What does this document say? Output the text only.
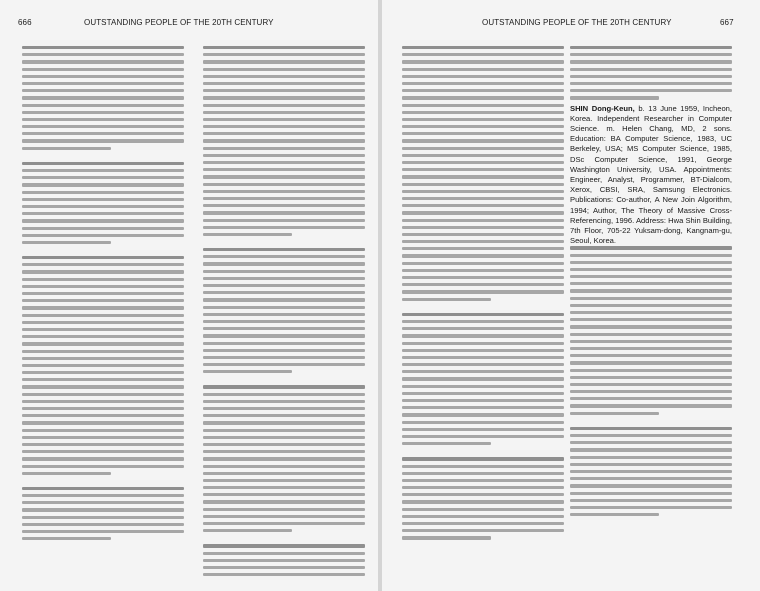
666	OUTSTANDING PEOPLE OF THE 20TH CENTURY	OUTSTANDING PEOPLE OF THE 20TH CENTURY	667

SHIN Dong-Keun, b. 13 June 1959, Incheon, Korea. Independent Researcher in Computer Science. m. Helen Chang, MD, 2 sons. Education: BA Computer Science, 1983, UC Berkeley, USA; MS Computer Science, 1985, DSc Computer Science, 1991, George Washington University, USA. Appointments: Engineer, Analyst, Programmer, BT-Dialcom, Xerox, CBSI, SRA, Samsung Electronics. Publications: Co-author, A New Join Algorithm, 1994; Author, The Theory of Massive Cross-Referencing, 1996. Address: Hwa Shin Building, 7th Floor, 705-22 Yuksam-dong, Kangnam-gu, Seoul, Korea.
